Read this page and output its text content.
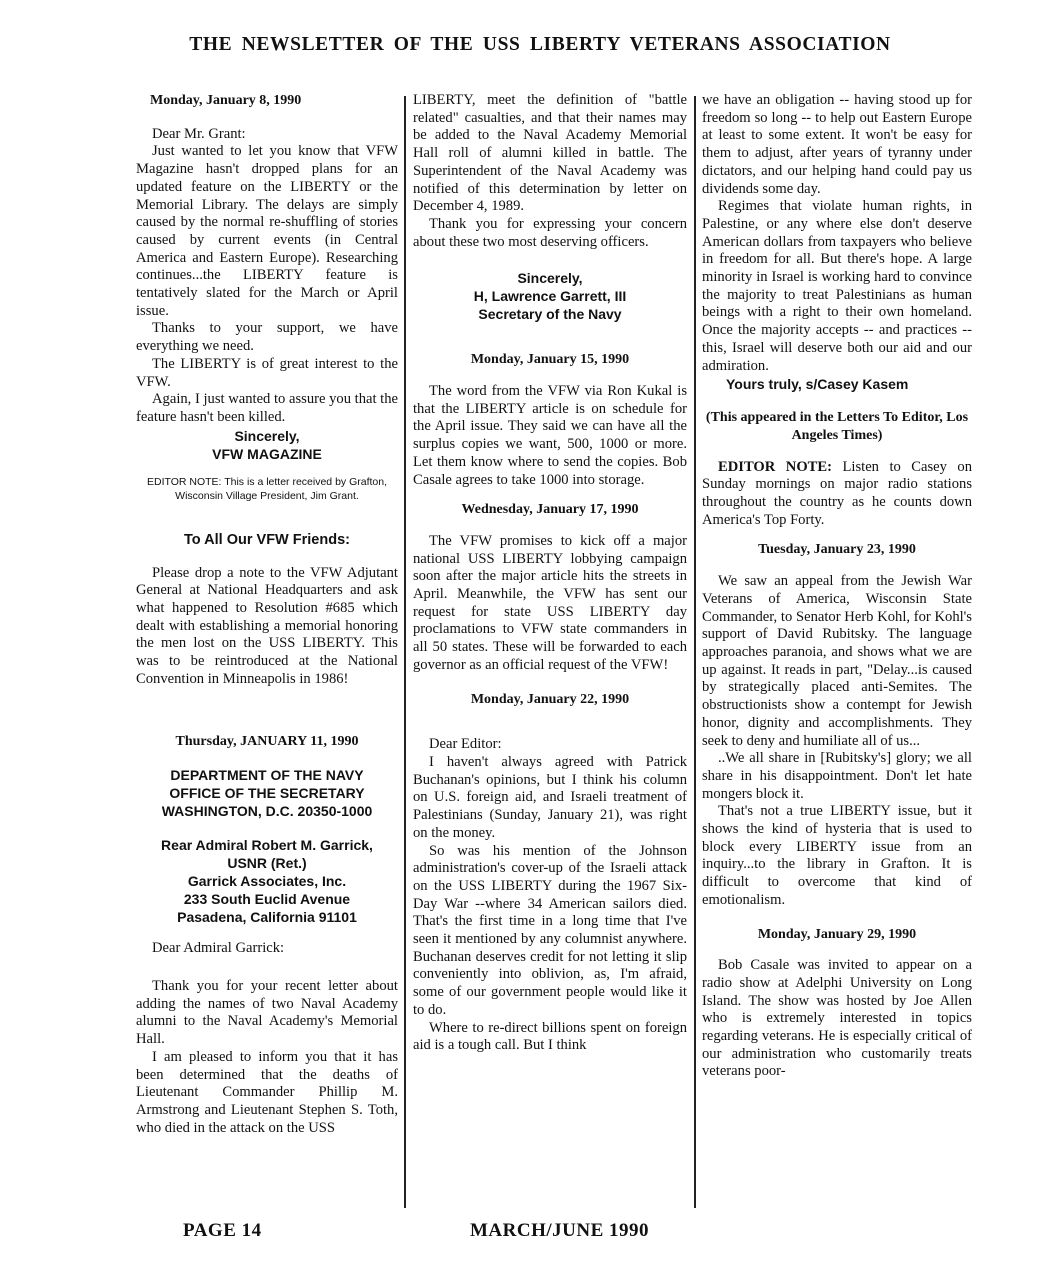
THE NEWSLETTER OF THE USS LIBERTY VETERANS ASSOCIATION
Monday, January 8, 1990

Dear Mr. Grant:

Just wanted to let you know that VFW Magazine hasn't dropped plans for an updated feature on the LIBERTY or the Memorial Library. The delays are simply caused by the normal re-shuffling of stories caused by current events (in Central America and Eastern Europe). Researching continues...the LIBERTY feature is tentatively slated for the March or April issue.

Thanks to your support, we have everything we need.

The LIBERTY is of great interest to the VFW.

Again, I just wanted to assure you that the feature hasn't been killed.

Sincerely,
VFW MAGAZINE
EDITOR NOTE: This is a letter received by Grafton, Wisconsin Village President, Jim Grant.
To All Our VFW Friends:

Please drop a note to the VFW Adjutant General at National Headquarters and ask what happened to Resolution #685 which dealt with establishing a memorial honoring the men lost on the USS LIBERTY. This was to be reintroduced at the National Convention in Minneapolis in 1986!

Thursday, JANUARY 11, 1990
DEPARTMENT OF THE NAVY
OFFICE OF THE SECRETARY
WASHINGTON, D.C. 20350-1000
Rear Admiral Robert M. Garrick,
USNR (Ret.)
Garrick Associates, Inc.
233 South Euclid Avenue
Pasadena, California 91101

Dear Admiral Garrick:

Thank you for your recent letter about adding the names of two Naval Academy alumni to the Naval Academy's Memorial Hall.

I am pleased to inform you that it has been determined that the deaths of Lieutenant Commander Phillip M. Armstrong and Lieutenant Stephen S. Toth, who died in the attack on the USS

LIBERTY, meet the definition of "battle related" casualties, and that their names may be added to the Naval Academy Memorial Hall roll of alumni killed in battle. The Superintendent of the Naval Academy was notified of this determination by letter on December 4, 1989.

Thank you for expressing your concern about these two most deserving officers.

Sincerely,
H, Lawrence Garrett, III
Secretary of the Navy
Monday, January 15, 1990

The word from the VFW via Ron Kukal is that the LIBERTY article is on schedule for the April issue. They said we can have all the surplus copies we want, 500, 1000 or more. Let them know where to send the copies. Bob Casale agrees to take 1000 into storage.

Wednesday, January 17, 1990

The VFW promises to kick off a major national USS LIBERTY lobbying campaign soon after the major article hits the streets in April. Meanwhile, the VFW has sent our request for state USS LIBERTY day proclamations to VFW state commanders in all 50 states. These will be forwarded to each governor as an official request of the VFW!

Monday, January 22, 1990

Dear Editor:

I haven't always agreed with Patrick Buchanan's opinions, but I think his column on U.S. foreign aid, and Israeli treatment of Palestinians (Sunday, January 21), was right on the money.

So was his mention of the Johnson administration's cover-up of the Israeli attack on the USS LIBERTY during the 1967 Six-Day War --where 34 American sailors died. That's the first time in a long time that I've seen it mentioned by any columnist anywhere. Buchanan deserves credit for not letting it slip conveniently into oblivion, as, I'm afraid, some of our government people would like it to do.

Where to re-direct billions spent on foreign aid is a tough call. But I think

we have an obligation -- having stood up for freedom so long -- to help out Eastern Europe at least to some extent. It won't be easy for them to adjust, after years of tyranny under dictators, and our helping hand could pay us dividends some day.

Regimes that violate human rights, in Palestine, or any where else don't deserve American dollars from taxpayers who believe in freedom for all. But there's hope. A large minority in Israel is working hard to convince the majority to treat Palestinians as human beings with a right to their own homeland. Once the majority accepts -- and practices -- this, Israel will deserve both our aid and our admiration.

Yours truly, s/Casey Kasem
(This appeared in the Letters To Editor, Los Angeles Times)

EDITOR NOTE: Listen to Casey on Sunday mornings on major radio stations throughout the country as he counts down America's Top Forty.

Tuesday, January 23, 1990

We saw an appeal from the Jewish War Veterans of America, Wisconsin State Commander, to Senator Herb Kohl, for Kohl's support of David Rubitsky. The language approaches paranoia, and shows what we are up against. It reads in part, "Delay...is caused by strategically placed anti-Semites. The obstructionists show a contempt for Jewish honor, dignity and accomplishments. They seek to deny and humiliate all of us...

..We all share in [Rubitsky's] glory; we all share in his disappointment. Don't let hate mongers block it.

That's not a true LIBERTY issue, but it shows the kind of hysteria that is used to block every LIBERTY issue from an inquiry...to the library in Grafton. It is difficult to overcome that kind of emotionalism.

Monday, January 29, 1990

Bob Casale was invited to appear on a radio show at Adelphi University on Long Island. The show was hosted by Joe Allen who is extremely interested in topics regarding veterans. He is especially critical of our administration who customarily treats veterans poor-

PAGE 14	MARCH/JUNE 1990
